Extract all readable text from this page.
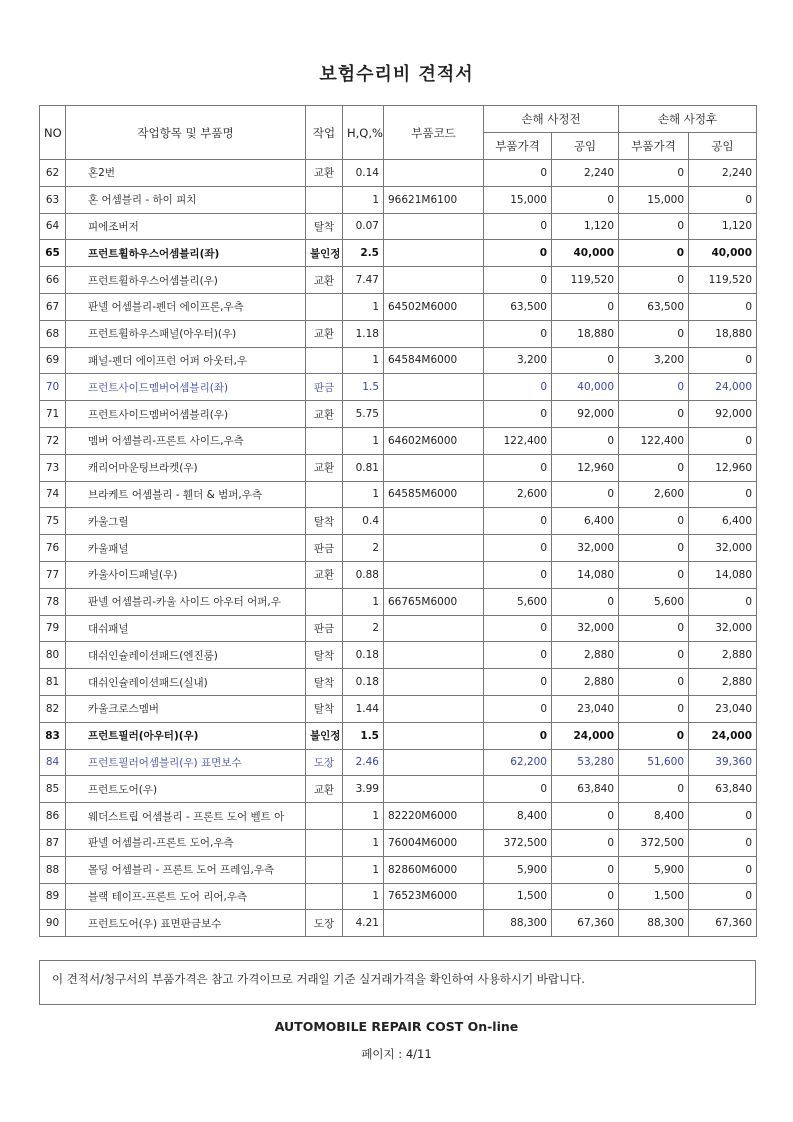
보험수리비 견적서
NO	작업항목 및 부품명	작업	H,Q,%	부품코드	손해 사정전		손해 사정후	
					부품가격	공임	부품가격	공임
62	혼2번	교환	0.14		0	2,240	0	2,240
63	혼 어셈블리 - 하이 피치		1	96621M6100	15,000	0	15,000	0
64	피에조버저	탈착	0.07		0	1,120	0	1,120
65	프런트휠하우스어셈블리(좌)	불인정	2.5		0	40,000	0	40,000
66	프런트휠하우스어셈블리(우)	교환	7.47		0	119,520	0	119,520
67	판넬 어셈블리-펜더 에이프론,우측		1	64502M6000	63,500	0	63,500	0
68	프런트휠하우스패널(아우터)(우)	교환	1.18		0	18,880	0	18,880
69	패널-펜더 에이프런 어퍼 아웃터,우		1	64584M6000	3,200	0	3,200	0
70	프런트사이드멤버어셈블리(좌)	판금	1.5		0	40,000	0	24,000
71	프런트사이드멤버어셈블리(우)	교환	5.75		0	92,000	0	92,000
72	멤버 어셈블리-프론트 사이드,우측		1	64602M6000	122,400	0	122,400	0
73	캐리어마운팅브라켓(우)	교환	0.81		0	12,960	0	12,960
74	브라케트 어셈블리 - 휀더 & 범퍼,우측		1	64585M6000	2,600	0	2,600	0
75	카울그릴	탈착	0.4		0	6,400	0	6,400
76	카울패널	판금	2		0	32,000	0	32,000
77	카울사이드패널(우)	교환	0.88		0	14,080	0	14,080
78	판넬 어셈블리-카울 사이드 아우터 어퍼,우		1	66765M6000	5,600	0	5,600	0
79	대쉬패널	판금	2		0	32,000	0	32,000
80	대쉬인슐레이션패드(엔진룸)	탈착	0.18		0	2,880	0	2,880
81	대쉬인슐레이션패드(실내)	탈착	0.18		0	2,880	0	2,880
82	카울크로스멤버	탈착	1.44		0	23,040	0	23,040
83	프런트필러(아우터)(우)	불인정	1.5		0	24,000	0	24,000
84	프런트필러어셈블리(우) 표면보수	도장	2.46		62,200	53,280	51,600	39,360
85	프런트도어(우)	교환	3.99		0	63,840	0	63,840
86	웨더스트립 어셈블리 - 프론트 도어 벨트 아		1	82220M6000	8,400	0	8,400	0
87	판넬 어셈블리-프론트 도어,우측		1	76004M6000	372,500	0	372,500	0
88	몰딩 어셈블리 - 프론트 도어 프레임,우측		1	82860M6000	5,900	0	5,900	0
89	블랙 테이프-프론트 도어 리어,우측		1	76523M6000	1,500	0	1,500	0
90	프런트도어(우) 표면판금보수	도장	4.21		88,300	67,360	88,300	67,360
이 견적서/청구서의 부품가격은 참고 가격이므로 거래일 기준 실거래가격을 확인하여 사용하시기 바랍니다.
AUTOMOBILE REPAIR COST On-line
페이지 : 4/11
